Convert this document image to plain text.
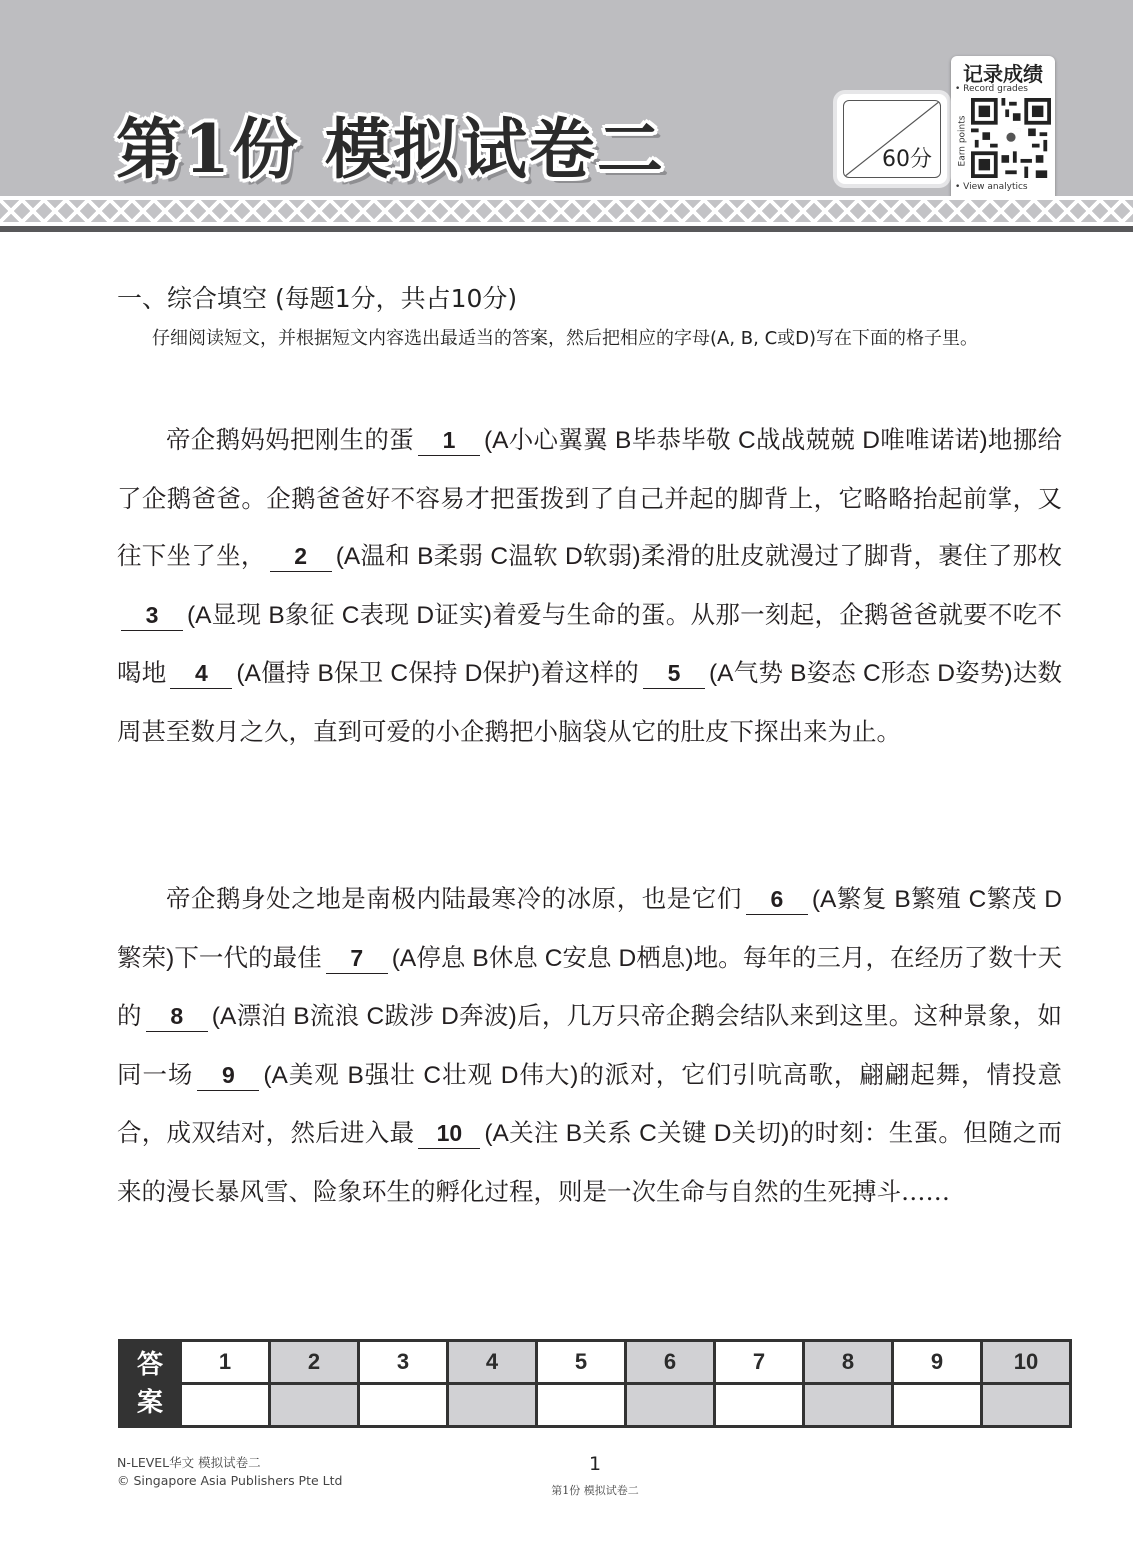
第1份 模拟试卷二	60分
记录成绩
• Record grades
Earn points
• View analytics
一、综合填空 (每题1分，共占10分)
仔细阅读短文，并根据短文内容选出最适当的答案，然后把相应的字母(A, B, C或D)写在下面的格子里。

帝企鹅妈妈把刚生的蛋 1 (A小心翼翼 B毕恭毕敬 C战战兢兢 D唯唯诺诺)地挪给了企鹅爸爸。企鹅爸爸好不容易才把蛋拨到了自己并起的脚背上，它略略抬起前掌，又往下坐了坐， 2 (A温和 B柔弱 C温软 D软弱)柔滑的肚皮就漫过了脚背，裹住了那枚3 (A显现 B象征 C表现 D证实)着爱与生命的蛋。从那一刻起，企鹅爸爸就要不吃不喝地 4 (A僵持 B保卫 C保持 D保护)着这样的 5 (A气势 B姿态 C形态 D姿势)达数周甚至数月之久，直到可爱的小企鹅把小脑袋从它的肚皮下探出来为止。

帝企鹅身处之地是南极内陆最寒冷的冰原，也是它们 6 (A繁复 B繁殖 C繁茂 D繁荣)下一代的最佳 7 (A停息 B休息 C安息 D栖息)地。每年的三月，在经历了数十天的 8 (A漂泊 B流浪 C跋涉 D奔波)后，几万只帝企鹅会结队来到这里。这种景象，如同一场 9 (A美观 B强壮 C壮观 D伟大)的派对，它们引吭高歌，翩翩起舞，情投意合，成双结对，然后进入最 10 (A关注 B关系 C关键 D关切)的时刻：生蛋。但随之而来的漫长暴风雪、险象环生的孵化过程，则是一次生命与自然的生死搏斗……

答
案	1	2	3	4	5	6	7	8	9	10

N-LEVEL华文 模拟试卷二
© Singapore Asia Publishers Pte Ltd
1
第1份 模拟试卷二
